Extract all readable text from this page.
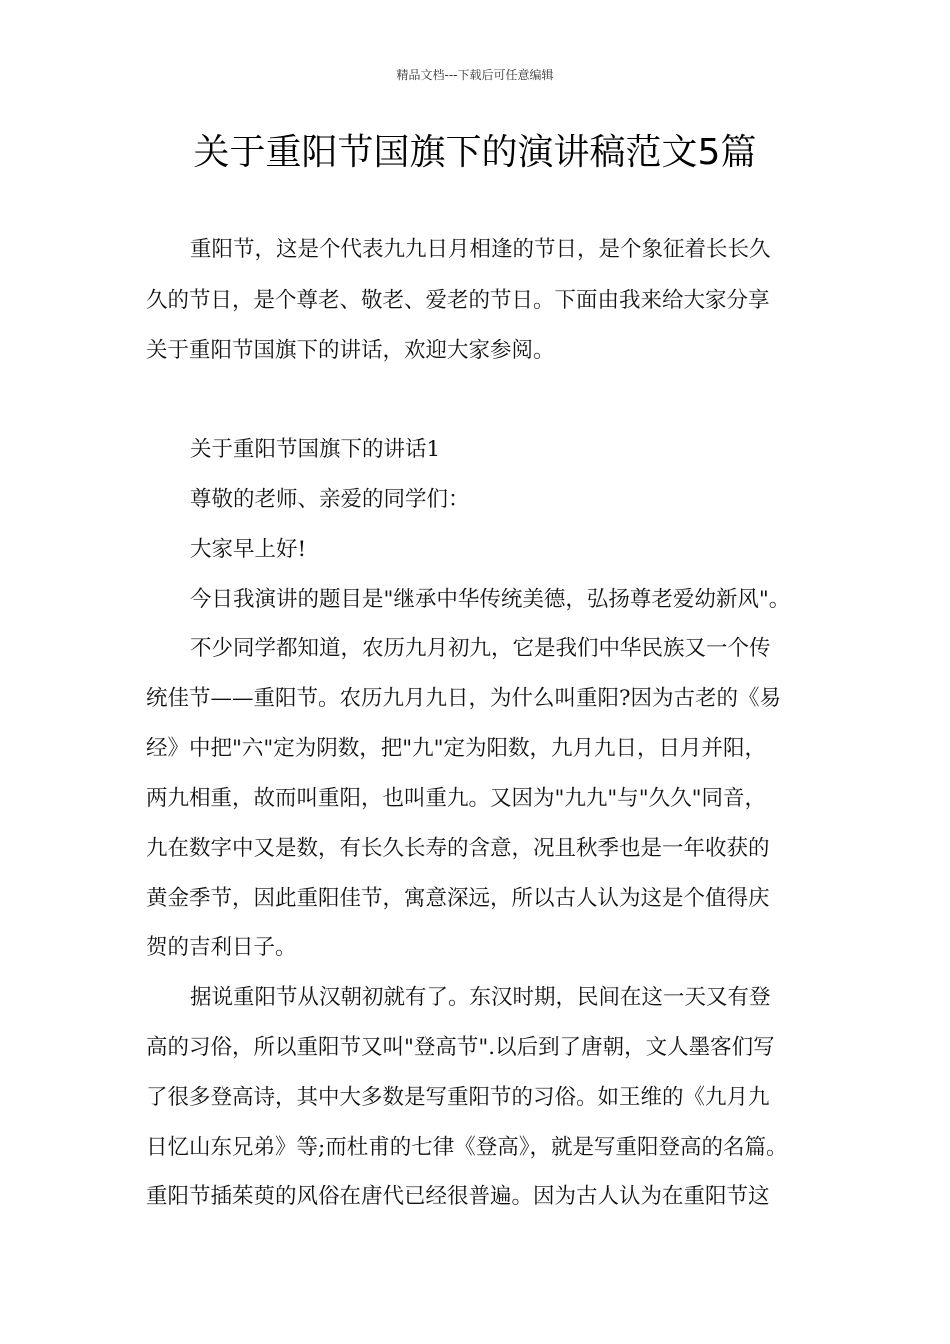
精品文档---下载后可任意编辑
关于重阳节国旗下的演讲稿范文5篇
重阳节，这是个代表九九日月相逢的节日，是个象征着长长久
久的节日，是个尊老、敬老、爱老的节日。下面由我来给大家分享
关于重阳节国旗下的讲话，欢迎大家参阅。
关于重阳节国旗下的讲话1
尊敬的老师、亲爱的同学们：
大家早上好!
今日我演讲的题目是"继承中华传统美德，弘扬尊老爱幼新风"。
不少同学都知道，农历九月初九，它是我们中华民族又一个传
统佳节——重阳节。农历九月九日，为什么叫重阳?因为古老的《易
经》中把"六"定为阴数，把"九"定为阳数，九月九日，日月并阳，
两九相重，故而叫重阳，也叫重九。又因为"九九"与"久久"同音，
九在数字中又是数，有长久长寿的含意，况且秋季也是一年收获的
黄金季节，因此重阳佳节，寓意深远，所以古人认为这是个值得庆
贺的吉利日子。
据说重阳节从汉朝初就有了。东汉时期，民间在这一天又有登
高的习俗，所以重阳节又叫"登高节".以后到了唐朝，文人墨客们写
了很多登高诗，其中大多数是写重阳节的习俗。如王维的《九月九
日忆山东兄弟》等;而杜甫的七律《登高》，就是写重阳登高的名篇。
重阳节插茱萸的风俗在唐代已经很普遍。因为古人认为在重阳节这
